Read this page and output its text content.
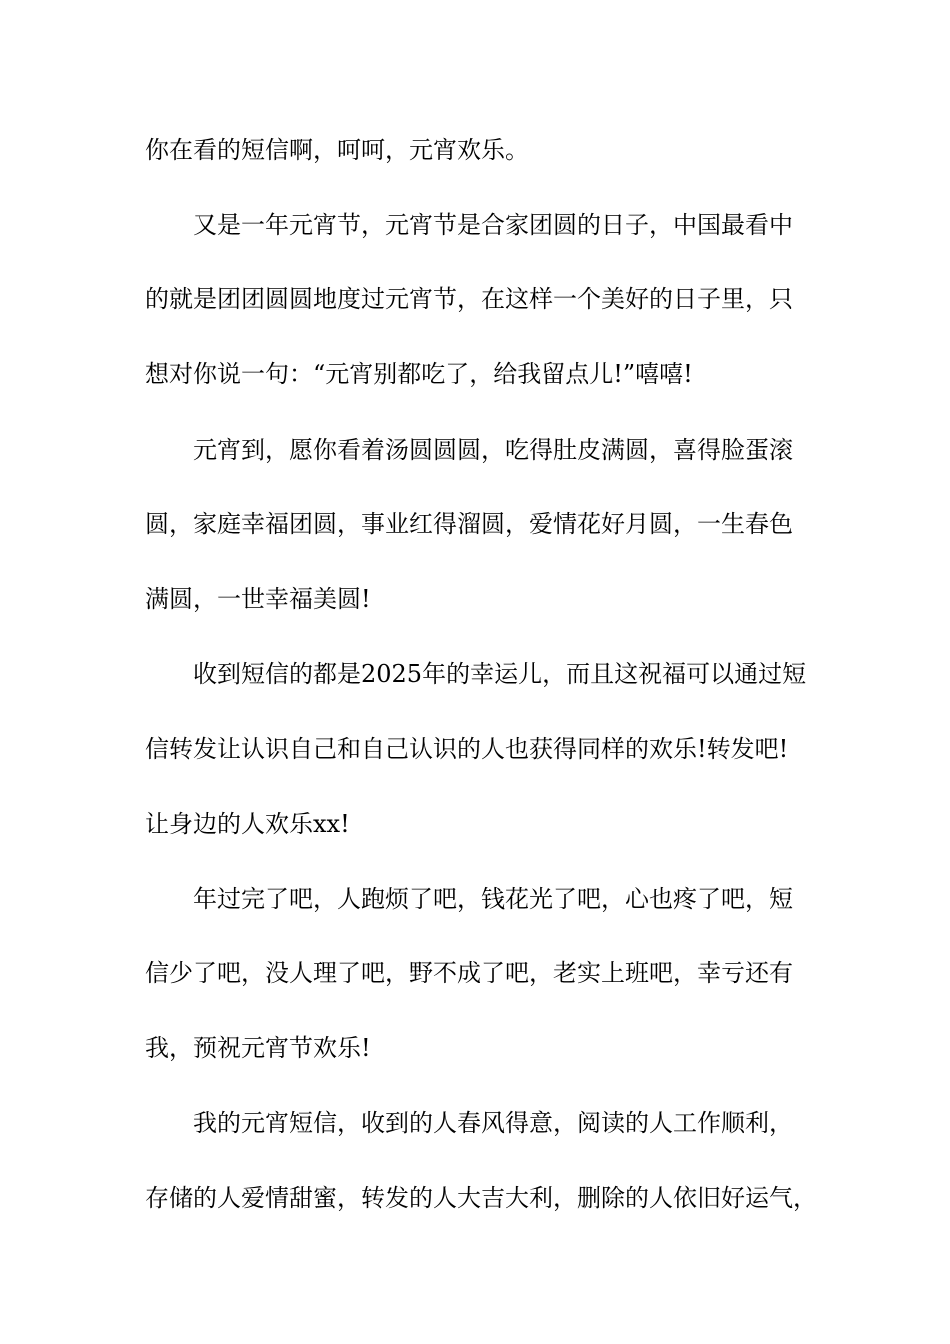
你在看的短信啊，呵呵，元宵欢乐。
又是一年元宵节，元宵节是合家团圆的日子，中国最看中
的就是团团圆圆地度过元宵节，在这样一个美好的日子里，只
想对你说一句：“元宵别都吃了，给我留点儿!”嘻嘻!
元宵到，愿你看着汤圆圆圆，吃得肚皮满圆，喜得脸蛋滚
圆，家庭幸福团圆，事业红得溜圆，爱情花好月圆，一生春色
满圆，一世幸福美圆!
收到短信的都是2025年的幸运儿，而且这祝福可以通过短
信转发让认识自己和自己认识的人也获得同样的欢乐!转发吧!
让身边的人欢乐xx!
年过完了吧，人跑烦了吧，钱花光了吧，心也疼了吧，短
信少了吧，没人理了吧，野不成了吧，老实上班吧，幸亏还有
我，预祝元宵节欢乐!
我的元宵短信，收到的人春风得意，阅读的人工作顺利，
存储的人爱情甜蜜，转发的人大吉大利，删除的人依旧好运气，
